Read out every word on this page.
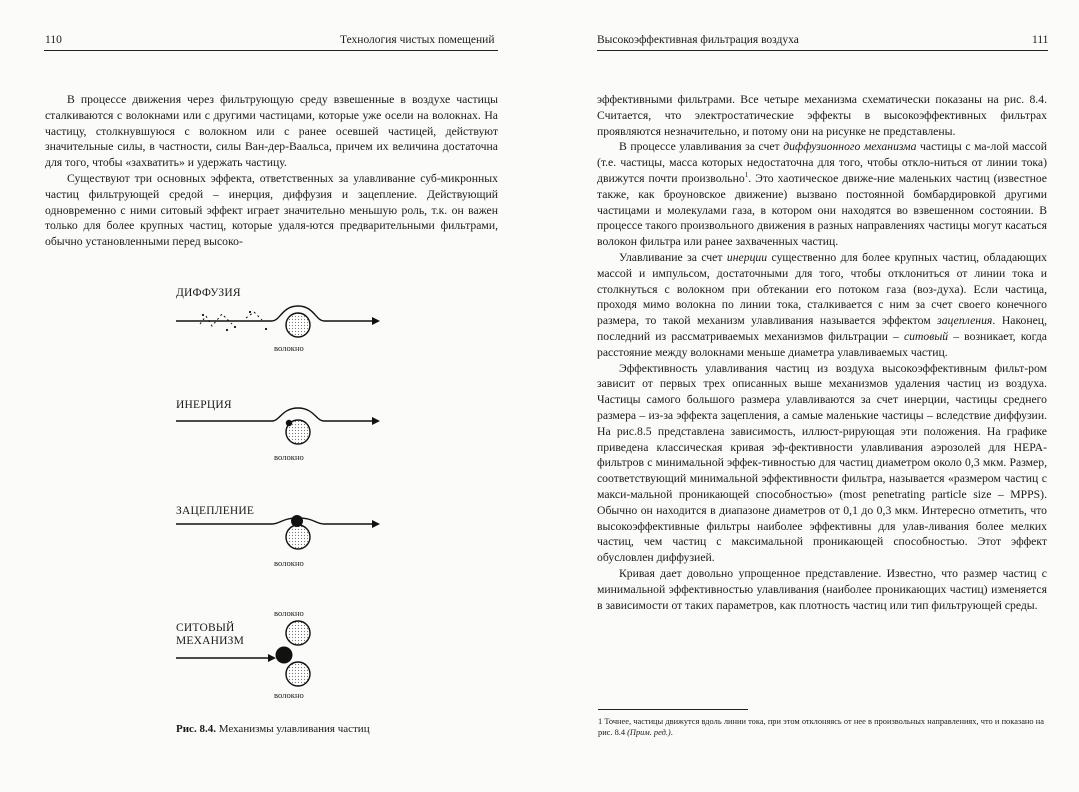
110	Технология чистых помещений

В процессе движения через фильтрующую среду взвешенные в воздухе частицы сталкиваются с волокнами или с другими частицами, которые уже осели на волокнах. На частицу, столкнувшуюся с волокном или с ранее осевшей частицей, действуют значительные силы, в частности, силы Ван-дер-Ваальса, причем их величина достаточна для того, чтобы «захватить» и удержать частицу.

Существуют три основных эффекта, ответственных за улавливание суб-микронных частиц фильтрующей средой – инерция, диффузия и зацепление. Действующий одновременно с ними ситовый эффект играет значительно меньшую роль, т.к. он важен только для более крупных частиц, которые удаля-ются предварительными фильтрами, обычно установленными перед высоко-

ДИФФУЗИЯ
ИНЕРЦИЯ
ЗАЦЕПЛЕНИЕ
СИТОВЫЙ
МЕХАНИЗМ
волокно
волокно
волокно
волокно
волокно
Рис. 8.4. Механизмы улавливания частиц
Высокоэффективная фильтрация воздуха	111

эффективными фильтрами. Все четыре механизма схематически показаны на рис. 8.4. Считается, что электростатические эффекты в высокоэффективных фильтрах проявляются незначительно, и потому они на рисунке не представлены.

В процессе улавливания за счет диффузионного механизма частицы с ма-лой массой (т.е. частицы, масса которых недостаточна для того, чтобы откло-ниться от линии тока) движутся почти произвольно$^1$. Это хаотическое движе-ние маленьких частиц (известное также, как броуновское движение) вызвано постоянной бомбардировкой другими частицами и молекулами газа, в котором они находятся во взвешенном состоянии. В процессе такого произвольного движения в разных направлениях частицы могут касаться волокон фильтра или ранее захваченных частиц.

Улавливание за счет инерции существенно для более крупных частиц, обладающих массой и импульсом, достаточными для того, чтобы отклониться от линии тока и столкнуться с волокном при обтекании его потоком газа (воз-духа). Если частица, проходя мимо волокна по линии тока, сталкивается с ним за счет своего конечного размера, то такой механизм улавливания называется эффектом зацепления. Наконец, последний из рассматриваемых механизмов фильтрации – ситовый – возникает, когда расстояние между волокнами меньше диаметра улавливаемых частиц.

Эффективность улавливания частиц из воздуха высокоэффективным фильт-ром зависит от первых трех описанных выше механизмов удаления частиц из воздуха. Частицы самого большого размера улавливаются за счет инерции, частицы среднего размера – из-за эффекта зацепления, а самые маленькие частицы – вследствие диффузии. На рис.8.5 представлена зависимость, иллюст-рирующая эти положения. На графике приведена классическая кривая эф-фективности улавливания аэрозолей для HEPA-фильтров с минимальной эффек-тивностью для частиц диаметром около 0,3 мкм. Размер, соответствующий минимальной эффективности фильтра, называется «размером частиц с макси-мальной проникающей способностью» (most penetrating particle size – MPPS). Обычно он находится в диапазоне диаметров от 0,1 до 0,3 мкм. Интересно отметить, что высокоэффективные фильтры наиболее эффективны для улав-ливания более мелких частиц, чем частиц с максимальной проникающей способностью. Этот эффект обусловлен диффузией.

Кривая дает довольно упрощенное представление. Известно, что размер частиц с минимальной эффективностью улавливания (наиболее проникающих частиц) изменяется в зависимости от таких параметров, как плотность частиц или тип фильтрующей среды.

1 Точнее, частицы движутся вдоль линии тока, при этом отклоняясь от нее в произвольных направлениях, что и показано на рис. 8.4 (Прим. ред.).
